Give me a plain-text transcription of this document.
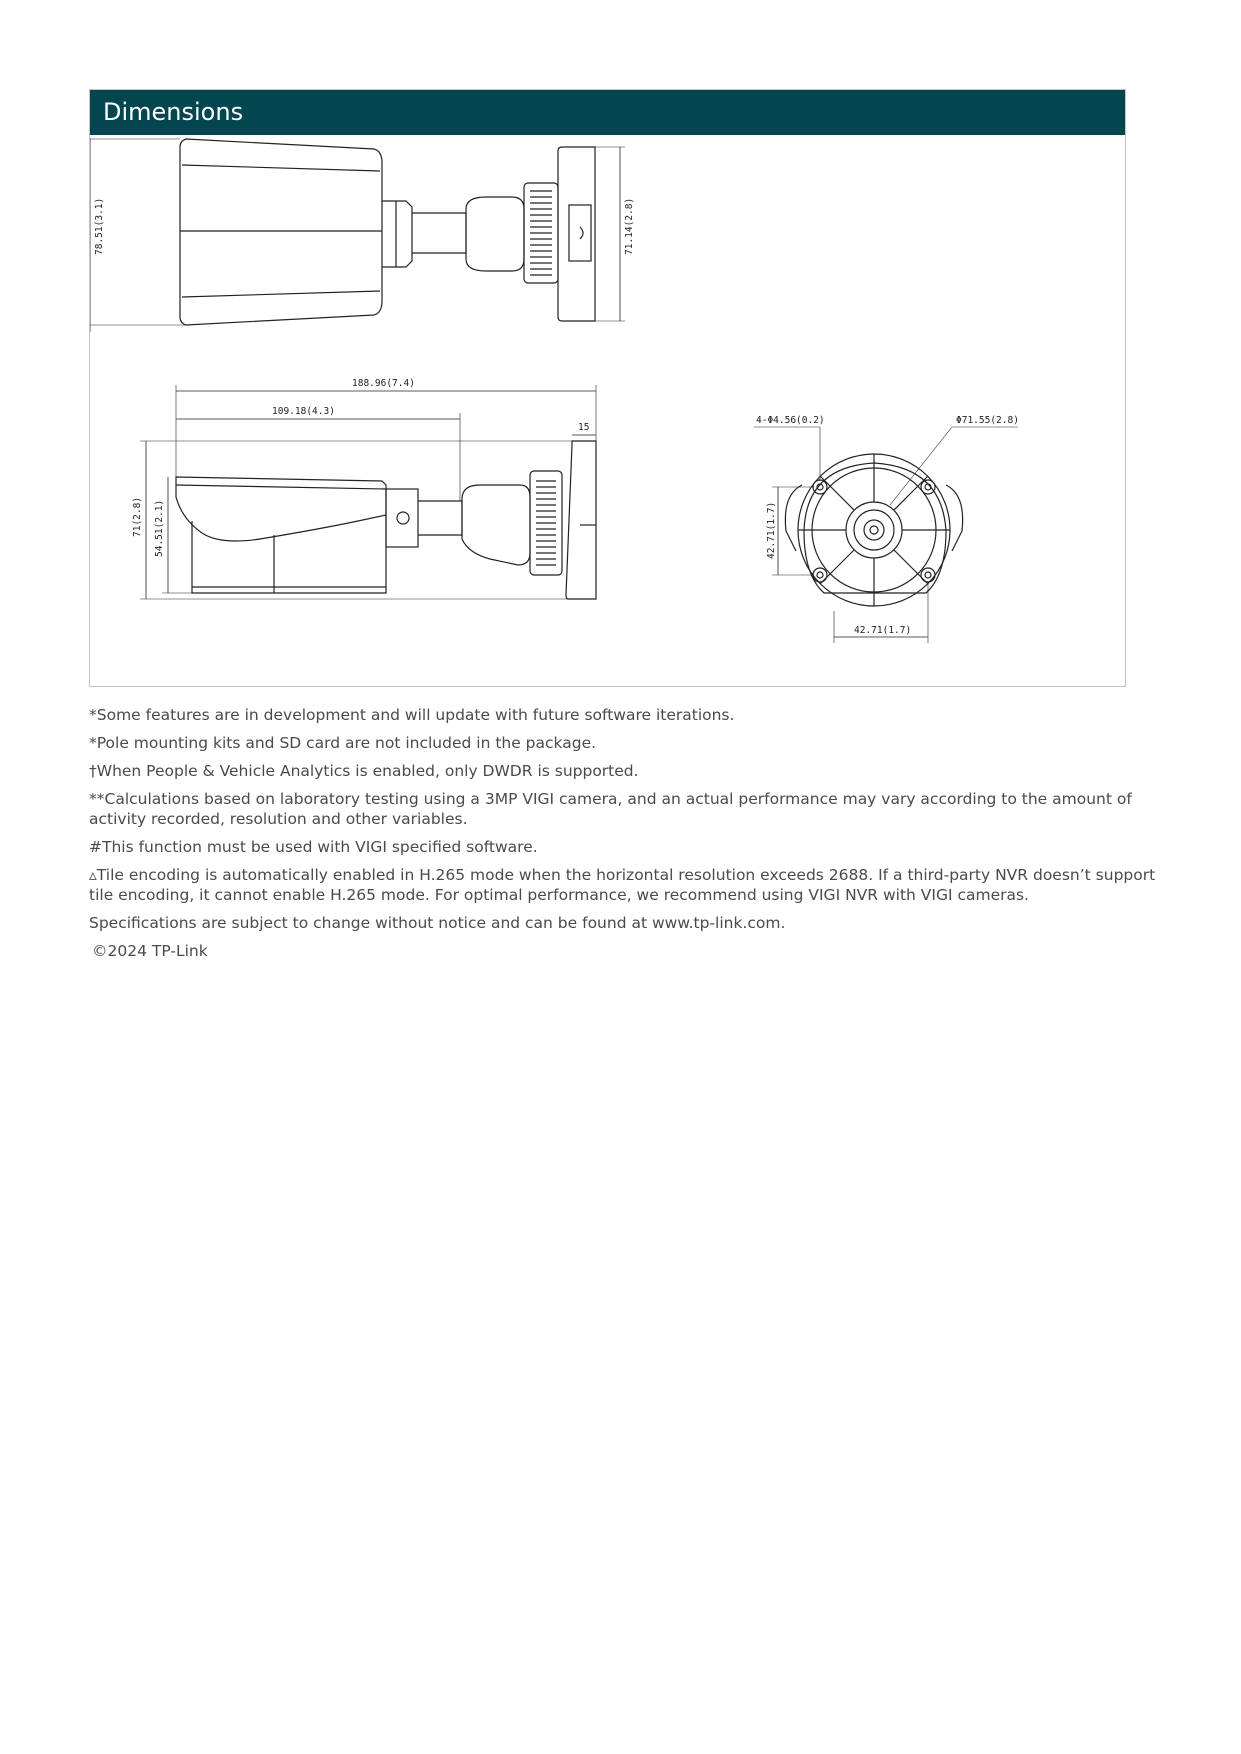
Dimensions
78.51(3.1)	71.14(2.8)
188.96(7.4)
109.18(4.3)
15
71(2.8) 54.51(2.1)
4-Φ4.56(0.2)	Φ71.55(2.8)
42.71(1.7)
42.71(1.7)

*Some features are in development and will update with future software iterations.

*Pole mounting kits and SD card are not included in the package.

†When People & Vehicle Analytics is enabled, only DWDR is supported.

**Calculations based on laboratory testing using a 3MP VIGI camera, and an actual performance may vary according to the amount of activity recorded, resolution and other variables.

#This function must be used with VIGI specified software.

▵Tile encoding is automatically enabled in H.265 mode when the horizontal resolution exceeds 2688. If a third-party NVR doesn’t support tile encoding, it cannot enable H.265 mode. For optimal performance, we recommend using VIGI NVR with VIGI cameras.

Specifications are subject to change without notice and can be found at www.tp-link.com.

©2024 TP-Link
